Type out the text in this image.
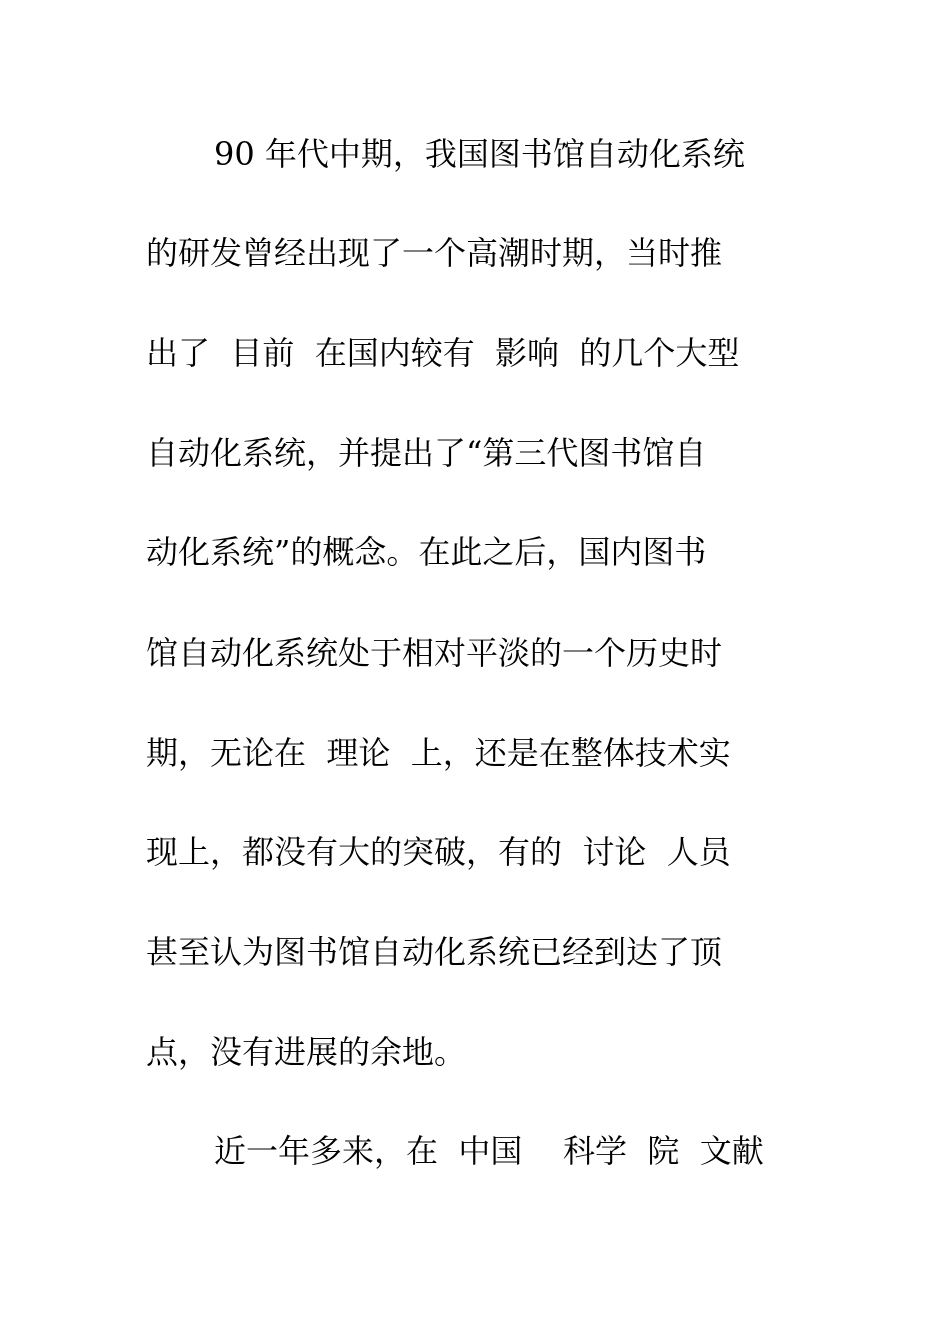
90 年代中期，我国图书馆自动化系统
的研发曾经出现了一个高潮时期，当时推
出了  目前  在国内较有  影响  的几个大型
自动化系统，并提出了“第三代图书馆自
动化系统”的概念。在此之后，国内图书
馆自动化系统处于相对平淡的一个历史时
期，无论在  理论  上，还是在整体技术实
现上，都没有大的突破，有的  讨论  人员
甚至认为图书馆自动化系统已经到达了顶
点，没有进展的余地。
近一年多来，在  中国    科学  院  文献
